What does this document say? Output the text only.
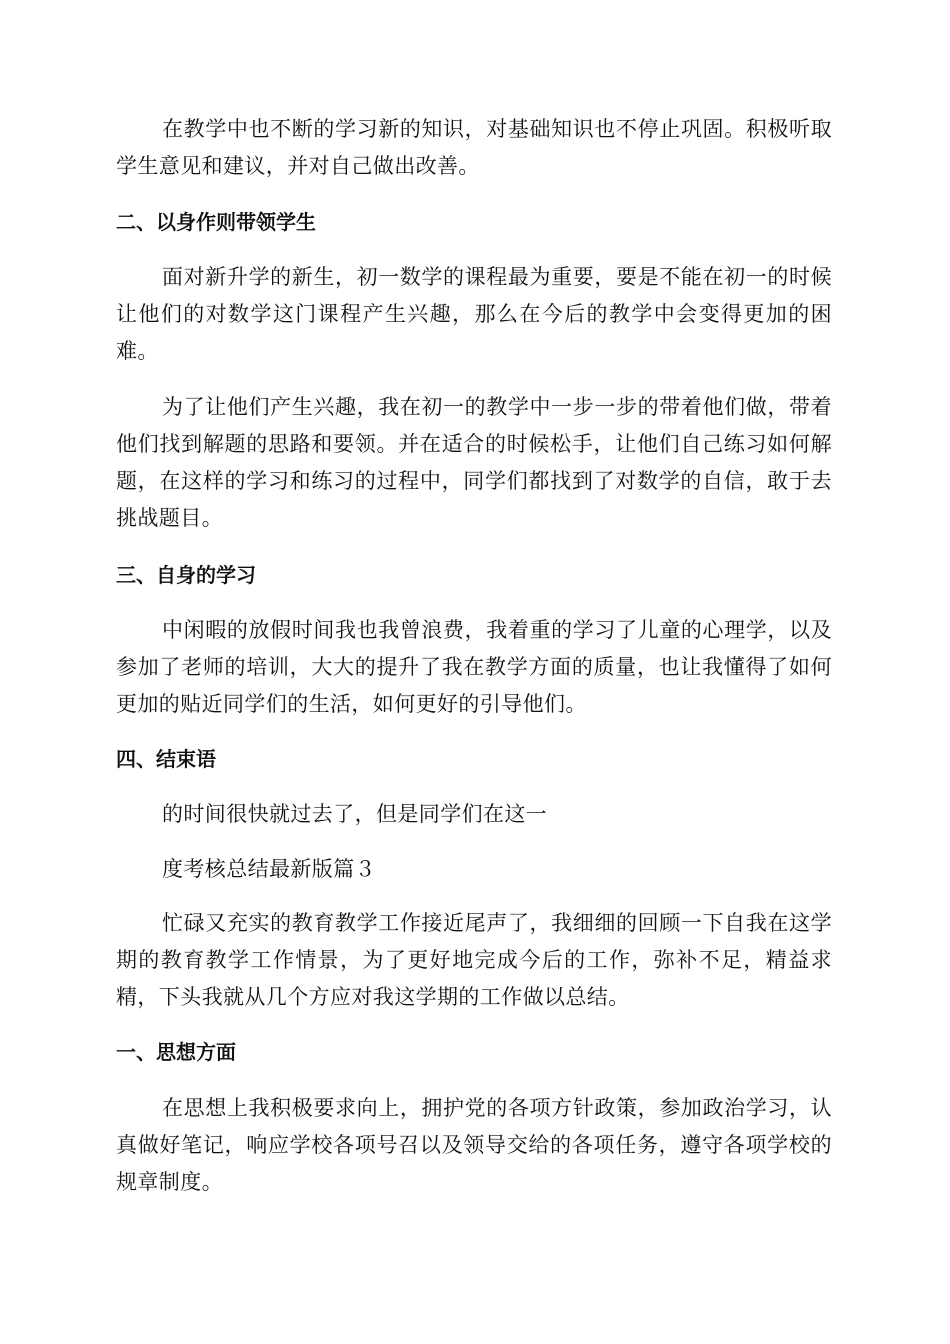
在教学中也不断的学习新的知识，对基础知识也不停止巩固。积极听取学生意见和建议，并对自己做出改善。

二、以身作则带领学生

面对新升学的新生，初一数学的课程最为重要，要是不能在初一的时候让他们的对数学这门课程产生兴趣，那么在今后的教学中会变得更加的困难。

为了让他们产生兴趣，我在初一的教学中一步一步的带着他们做，带着他们找到解题的思路和要领。并在适合的时候松手，让他们自己练习如何解题，在这样的学习和练习的过程中，同学们都找到了对数学的自信，敢于去挑战题目。

三、自身的学习

中闲暇的放假时间我也我曾浪费，我着重的学习了儿童的心理学，以及参加了老师的培训，大大的提升了我在教学方面的质量，也让我懂得了如何更加的贴近同学们的生活，如何更好的引导他们。

四、结束语

的时间很快就过去了，但是同学们在这一

度考核总结最新版篇３

忙碌又充实的教育教学工作接近尾声了，我细细的回顾一下自我在这学期的教育教学工作情景，为了更好地完成今后的工作，弥补不足，精益求精，下头我就从几个方应对我这学期的工作做以总结。

一、思想方面

在思想上我积极要求向上，拥护党的各项方针政策，参加政治学习，认真做好笔记，响应学校各项号召以及领导交给的各项任务，遵守各项学校的规章制度。
